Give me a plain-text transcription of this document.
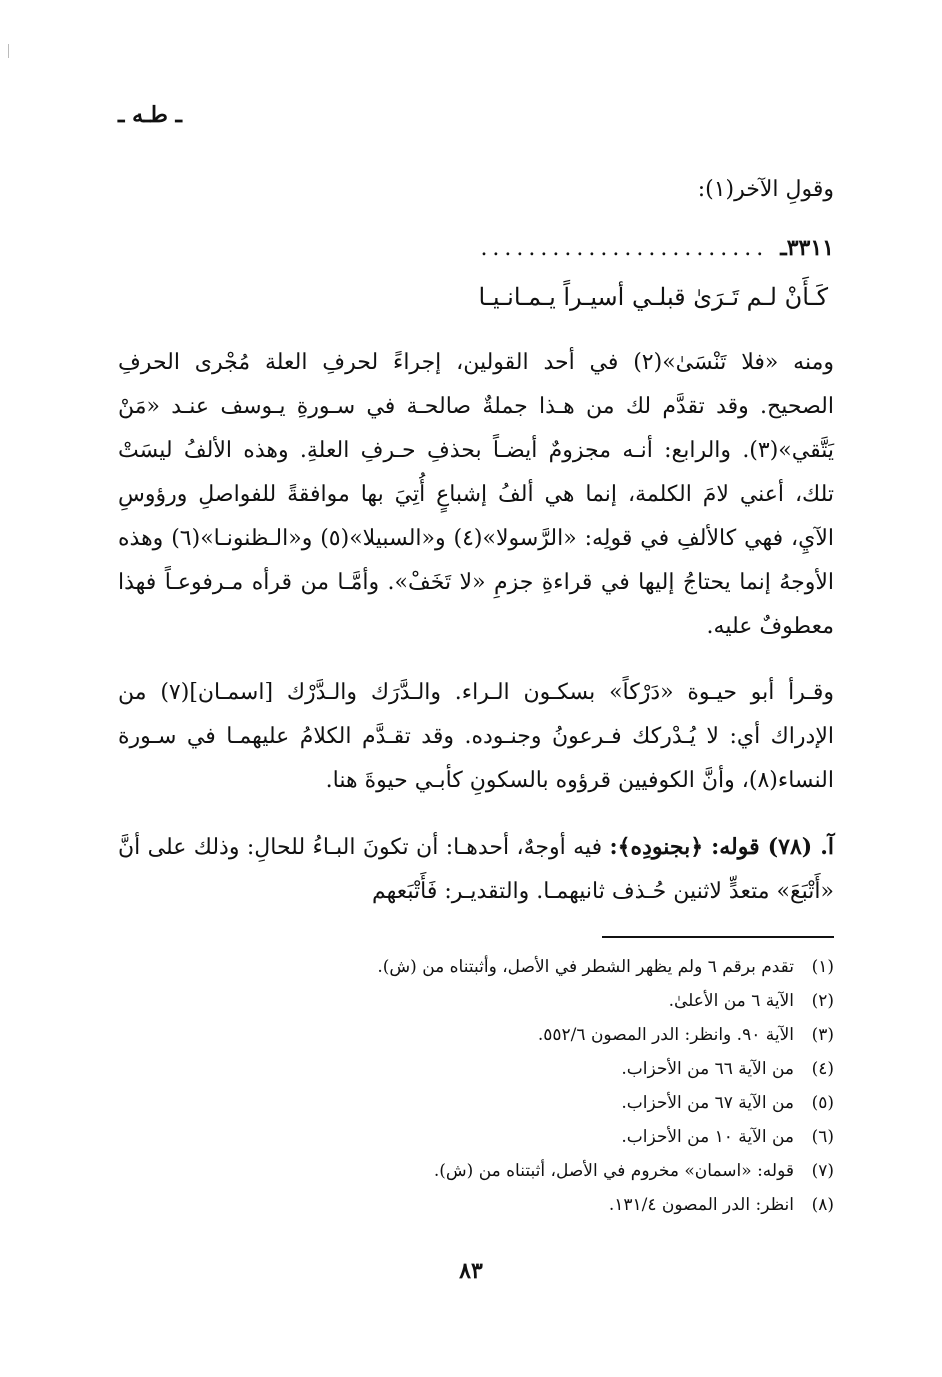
ـ طـه ـ

وقولِ الآخر(١):

٣٣١١ـ
........................

كَـأَنْ لـم تَـرَىٰ قبلـي أسيـراً يـمـانـيـا

ومنه «فلا تَنْسَىٰ»(٢) في أحد القولين، إجراءً لحرفِ العلة مُجْرى الحرفِ الصحيح. وقد تقدَّم لك من هـذا جملةٌ صالحـة في سـورةِ يـوسف عنـد «مَنْ يَتَّقي»(٣). والرابع: أنـه مجزومٌ أيضـاً بحذفِ حـرفِ العلةِ. وهذه الألفُ ليسَتْ تلك، أعني لامَ الكلمة، إنما هي ألفُ إشباعٍ أُتِيَ بها موافقةً للفواصلِ ورؤوسِ الآيِ، فهي كالألفِ في قولِه: «الرَّسولا»(٤) و«السبيلا»(٥) و«الـظنونـا»(٦) وهذه الأوجهُ إنما يحتاجُ إليها في قراءةِ جزمِ «لا تَخَفْ». وأمَّـا من قرأه مـرفوعـاً فهذا معطوفٌ عليه.

وقـرأ أبو حيـوة «دَرْكاً» بسكـون الـراء. والـدَّرَك والـدَّرْك [اسمـان](٧) من الإدراك أي: لا يُـدْركك فـرعونُ وجنـوده. وقد تقـدَّم الكلامُ عليهمـا في سـورة النساء(٨)، وأنَّ الكوفيين قرؤوه بالسكونِ كأبـي حيوةَ هنا.

آ. (٧٨) قوله: ﴿بجنودِه﴾: فيه أوجهٌ، أحدهـا: أن تكونَ البـاءُ للحالِ: وذلك على أنَّ «أَتْبَعَ» متعدٍّ لاثنين حُـذف ثانيهمـا. والتقديـر: فَأَتْبَعهم

(١)تقدم برقم ٦ ولم يظهر الشطر في الأصل، وأثبتناه من (ش).
(٢)الآية ٦ من الأعلىٰ.
(٣)الآية ٩٠. وانظر: الدر المصون ٥٥٢/٦.
(٤)من الآية ٦٦ من الأحزاب.
(٥)من الآية ٦٧ من الأحزاب.
(٦)من الآية ١٠ من الأحزاب.
(٧)قوله: «اسمان» مخروم في الأصل، أثبتناه من (ش).
(٨)انظر: الدر المصون ١٣١/٤.
٨٣
